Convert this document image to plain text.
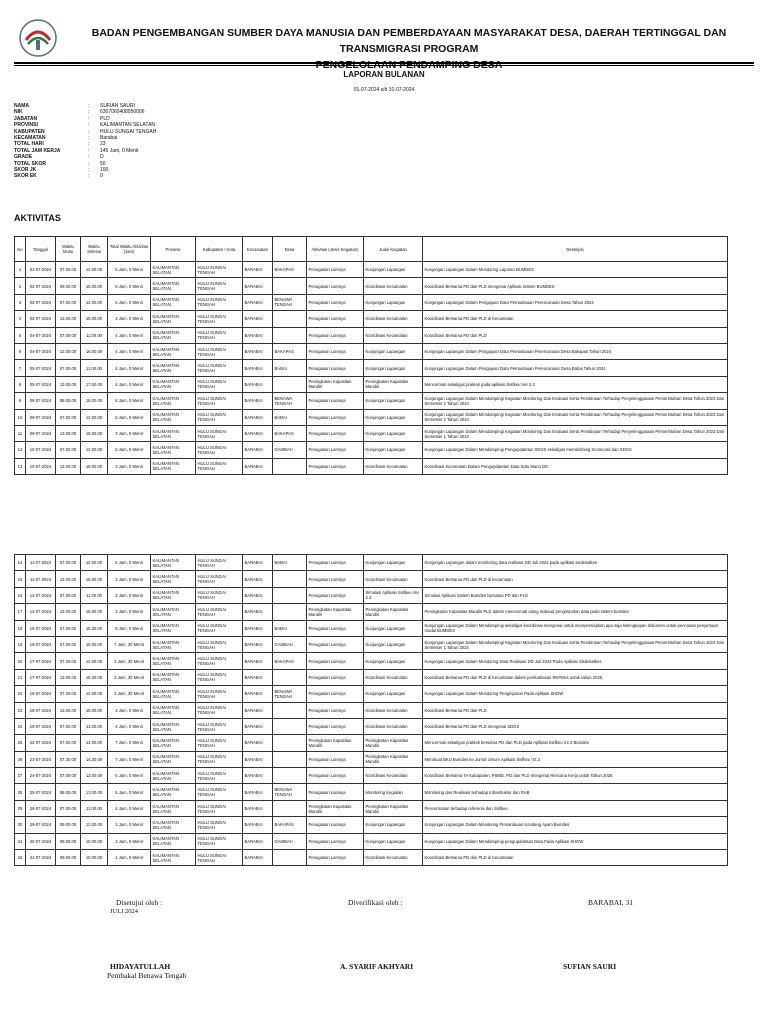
BADAN PENGEMBANGAN SUMBER DAYA MANUSIA DAN PEMBERDAYAAN MASYARAKAT DESA, DAERAH TERTINGGAL DAN TRANSMIGRASI PROGRAM
PENGELOLAAN PENDAMPING DESA
LAPORAN BULANAN
01-07-2024 s/d 31-07-2024
NAMA	:	SUFIAN SAURI
NIK	:	6307060408950006
JABATAN	:	PLD
PROVINSI	:	KALIMANTAN SELATAN
KABUPATEN	:	HULU SUNGAI TENGAH
KECAMATAN	:	Barabai
TOTAL HARI	:	23
TOTAL JAM KERJA	:	145 Jam, 0 Menit
GRADE	:	D
TOTAL SKOR	:	50
SKOR JK	:	100
SKOR EK	:	0
AKTIVITAS
No	Tanggal	Waktu Mulai	Waktu Selesai	Total Waktu Aktivitas (Jam)	Provinsi	Kabupaten / Kota	Kecamatan	Desa	Aktivitas (Jenis Kegiatan)	Judul Kegiatan	Deskripsi
1	01-07-2024	07.00.00	12.00.00	5 Jam, 0 Menit	KALIMANTAN SELATAN	HULU SUNGAI TENGAH	BARABAI	BAKAPAS	Penugasan Lainnya	Kunjungan Lapangan	Kunjungan Lapangan Dalam Monitoring Laporan BUMDES
2	02-07-2024	09.00.00	15.00.00	6 Jam, 0 Menit	KALIMANTAN SELATAN	HULU SUNGAI TENGAH	BARABAI		Penugasan Lainnya	Koordinasi Kecamatan	Koordinasi Bersama PD dan PLD mengenai Aplikasi Sistem BUMDES
3	03-07-2024	07.00.00	12.00.00	5 Jam, 0 Menit	KALIMANTAN SELATAN	HULU SUNGAI TENGAH	BARABAI	BENAWA TENGAH	Penugasan Lainnya	Kunjungan Lapangan	Kunjungan Lapangan Dalam Pengajuan Data Pemantauan Perencanaan Desa Tahun 2024
4	03-07-2024	13.00.00	16.00.00	3 Jam, 0 Menit	KALIMANTAN SELATAN	HULU SUNGAI TENGAH	BARABAI		Penugasan Lainnya	Koordinasi Kecamatan	Koordinasi Bersama PD dan PLD di Kecamatan
5	04-07-2024	07.00.00	11.00.00	4 Jam, 0 Menit	KALIMANTAN SELATAN	HULU SUNGAI TENGAH	BARABAI		Penugasan Lainnya	Koordinasi Kecamatan	Koordinasi Bersama PD dan PLD
6	04-07-2024	12.00.00	16.00.00	4 Jam, 0 Menit	KALIMANTAN SELATAN	HULU SUNGAI TENGAH	BARABAI	BAKAPAS	Penugasan Lainnya	Kunjungan Lapangan	Kunjungan Lapangan Dalam Pengajuan Data Pemantauan Perencanaan Desa Bakapas Tahun 2024
7	05-07-2024	07.00.00	11.00.00	4 Jam, 0 Menit	KALIMANTAN SELATAN	HULU SUNGAI TENGAH	BARABAI	BABAI	Penugasan Lainnya	Kunjungan Lapangan	Kunjungan Lapangan Dalam Pengajuan Data Pemantauan Perencanaan Desa Babai Tahun 2024
8	05-07-2024	13.00.00	17.00.00	4 Jam, 0 Menit	KALIMANTAN SELATAN	HULU SUNGAI TENGAH	BARABAI		Peningkatan Kapasitas Mandiri	Peningkatan Kapasitas Mandiri	Mencermati sekaligus praktek pada aplikasi Sisfkeu Ver 2.3
9	08-07-2024	08.00.00	16.00.00	8 Jam, 0 Menit	KALIMANTAN SELATAN	HULU SUNGAI TENGAH	BARABAI	BENAWA TENGAH	Penugasan Lainnya	Kunjungan Lapangan	Kunjungan Lapangan Dalam Mendampingi Kegiatan Monitoring Dan Evaluasi Serta Pembinaan Terhadap Penyelenggaraan Pemerintahan Desa Tahun 2023 Dan Semester 1 Tahun 2024
10	09-07-2024	07.00.00	12.00.00	5 Jam, 0 Menit	KALIMANTAN SELATAN	HULU SUNGAI TENGAH	BARABAI	BABAI	Penugasan Lainnya	Kunjungan Lapangan	Kunjungan Lapangan Dalam Mendampingi Kegiatan Monitoring Dan Evaluasi Serta Pembinaan Terhadap Penyelenggaraan Pemerintahan Desa Tahun 2023 Dan Semester 1 Tahun 2024
11	09-07-2024	13.00.00	16.00.00	3 Jam, 0 Menit	KALIMANTAN SELATAN	HULU SUNGAI TENGAH	BARABAI	BAKAPAS	Penugasan Lainnya	Kunjungan Lapangan	Kunjungan Lapangan Dalam Mendampingi Kegiatan Monitoring Dan Evaluasi Serta Pembinaan Terhadap Penyelenggaraan Pemerintahan Desa Tahun 2023 Dan Semester 1 Tahun 2024
12	10-07-2024	07.00.00	12.00.00	5 Jam, 0 Menit	KALIMANTAN SELATAN	HULU SUNGAI TENGAH	BARABAI	GAMBAH	Penugasan Lainnya	Kunjungan Lapangan	Kunjungan Lapangan Dalam Mendampingi Pengupdatetan SDGS sekaligus membimbing Scorecard dan SDGS
13	10-07-2024	13.00.00	16.00.00	3 Jam, 0 Menit	KALIMANTAN SELATAN	HULU SUNGAI TENGAH	BARABAI		Penugasan Lainnya	Koordinasi Kecamatan	Koordinasi Kecamatan Dalam Pengupdatetan Data Satu Manu DD
14	11-07-2024	07.00.00	12.00.00	5 Jam, 0 Menit	KALIMANTAN SELATAN	HULU SUNGAI TENGAH	BARABAI	BABAI	Penugasan Lainnya	Kunjungan Lapangan	Kunjungan Lapangan dalam monitoring data realisasi DD Juli 2024 pada aplikasi sisdesalkes
15	11-07-2024	13.00.00	16.00.00	3 Jam, 0 Menit	KALIMANTAN SELATAN	HULU SUNGAI TENGAH	BARABAI		Penugasan Lainnya	Koordinasi Kecamatan	Koordinasi Bersama PD dan PLD di kecamatan
16	12-07-2024	07.00.00	11.00.00	4 Jam, 0 Menit	KALIMANTAN SELATAN	HULU SUNGAI TENGAH	BARABAI		Penugasan Lainnya	Simulasi Aplikasi Sisfkeu Ver 2.3	Simulasi Aplikasi Sistem Bumdes bersama PD dan PLD
17	12-07-2024	13.00.00	16.00.00	3 Jam, 0 Menit	KALIMANTAN SELATAN	HULU SUNGAI TENGAH	BARABAI		Peningkatan Kapasitas Mandiri	Peningkatan Kapasitas Mandiri	Peningkatan Kapasitas Mandiri PLD dalam mencermati ulang maksud pengimputan data pada sistem bumdes
18	15-07-2024	07.30.00	15.30.00	8 Jam, 0 Menit	KALIMANTAN SELATAN	HULU SUNGAI TENGAH	BARABAI	BABAI	Penugasan Lainnya	Kunjungan Lapangan	Kunjungan Lapangan Dalam Mendampingi sekaligus koordinasi mengenai untuk mempersiapkan apa saja kelengkapan dokumen untuk pencairan penyertaan modal BUMDES
19	16-07-2024	07.30.00	15.00.00	7 Jam, 30 Menit	KALIMANTAN SELATAN	HULU SUNGAI TENGAH	BARABAI	GAMBAH	Penugasan Lainnya	Kunjungan Lapangan	Kunjungan Lapangan Dalam Mendampingi Kegiatan Monitoring Dan Evaluasi Serta Pembinaan Terhadap Penyelenggaraan Pemerintahan Desa Tahun 2023 Dan Semester 1 Tahun 2024
20	17-07-2024	07.30.00	12.00.00	4 Jam, 30 Menit	KALIMANTAN SELATAN	HULU SUNGAI TENGAH	BARABAI	BAKAPAS	Penugasan Lainnya	Kunjungan Lapangan	Kunjungan Lapangan Dalam Monitoring Data Realisasi DD Juli 2024 Pada Aplikasi Sisdesalkes
21	17-07-2024	13.00.00	16.30.00	3 Jam, 30 Menit	KALIMANTAN SELATAN	HULU SUNGAI TENGAH	BARABAI		Penugasan Lainnya	Koordinasi Kecamatan	Koordinasi Bersama PD dan PLD di Kecamatan dalam pembahasan RKPDes untuk tahun 2025
22	18-07-2024	07.30.00	12.00.00	4 Jam, 30 Menit	KALIMANTAN SELATAN	HULU SUNGAI TENGAH	BARABAI	BENAWA TENGAH	Penugasan Lainnya	Kunjungan Lapangan	Kunjungan Lapangan Dalam Monitoring Penginputan Pada Aplikasi SHDW
23	18-07-2024	13.00.00	16.00.00	3 Jam, 0 Menit	KALIMANTAN SELATAN	HULU SUNGAI TENGAH	BARABAI		Penugasan Lainnya	Koordinasi Kecamatan	Koordinasi Bersama PD dan PLD
24	19-07-2024	07.00.00	11.00.00	4 Jam, 0 Menit	KALIMANTAN SELATAN	HULU SUNGAI TENGAH	BARABAI		Penugasan Lainnya	Koordinasi Kecamatan	Koordinasi Bersama PD dan PLD mengenai SDGS
25	22-07-2024	07.00.00	14.00.00	7 Jam, 0 Menit	KALIMANTAN SELATAN	HULU SUNGAI TENGAH	BARABAI		Peningkatan Kapasitas Mandiri	Peningkatan Kapasitas Mandiri	Mencermati sekaligus praktek bersama PD dan PLD pada Aplikasi Sisfkeu V2.3 Bumdes
26	23-07-2024	07.30.00	14.30.00	7 Jam, 0 Menit	KALIMANTAN SELATAN	HULU SUNGAI TENGAH	BARABAI		Penugasan Lainnya	Peningkatan Kapasitas Mandiri	Membuat BKU Bumdes ke Jurnal Umum Aplikasi Sisfkeu V2.3
27	24-07-2024	07.00.00	12.00.00	5 Jam, 0 Menit	KALIMANTAN SELATAN	HULU SUNGAI TENGAH	BARABAI		Penugasan Lainnya	Koordinasi Kecamatan	Koordinasi Bersama TA Kabupaten, PSMD, PD dan PLD mengenai Rencana Kerja untuk Tahun 2025
28	25-07-2024	08.00.00	13.00.00	5 Jam, 0 Menit	KALIMANTAN SELATAN	HULU SUNGAI TENGAH	BARABAI	BENAWA TENGAH	Penugasan Lainnya	Monitoring Kegiatan	Monitoring dan Realisasi terhadap Infrastruktur dan RAB
29	26-07-2024	07.00.00	11.00.00	4 Jam, 0 Menit	KALIMANTAN SELATAN	HULU SUNGAI TENGAH	BARABAI		Peningkatan Kapasitas Mandiri	Peningkatan Kapasitas Mandiri	Pencermatan terhadap referensi dan Sisfkeu
30	29-07-2024	09.00.00	12.00.00	3 Jam, 0 Menit	KALIMANTAN SELATAN	HULU SUNGAI TENGAH	BARABAI	BAKAPAS	Penugasan Lainnya	Kunjungan Lapangan	Kunjungan Lapangan Dalam Monitoring Pemantauan Kondang Ayam Bumdes
31	30-07-2024	08.00.00	10.00.00	2 Jam, 0 Menit	KALIMANTAN SELATAN	HULU SUNGAI TENGAH	BARABAI	GAMBAH	Penugasan Lainnya	Kunjungan Lapangan	Kunjungan Lapangan Dalam Mendampingi pengupdatetan Data Pada Aplikasi SHDW
32	31-07-2024	09.00.00	10.00.00	1 Jam, 0 Menit	KALIMANTAN SELATAN	HULU SUNGAI TENGAH	BARABAI		Penugasan Lainnya	Koordinasi Kecamatan	Koordinasi Bersama PD dan PLD di Kecamatan
Disetujui oleh :
JULI 2024
Diverifikasi oleh :	BARABAI, 31
HIDAYATULLAH
Pembakal Benawa Tengah
A. SYARIF AKHYARI	SUFIAN SAURI
